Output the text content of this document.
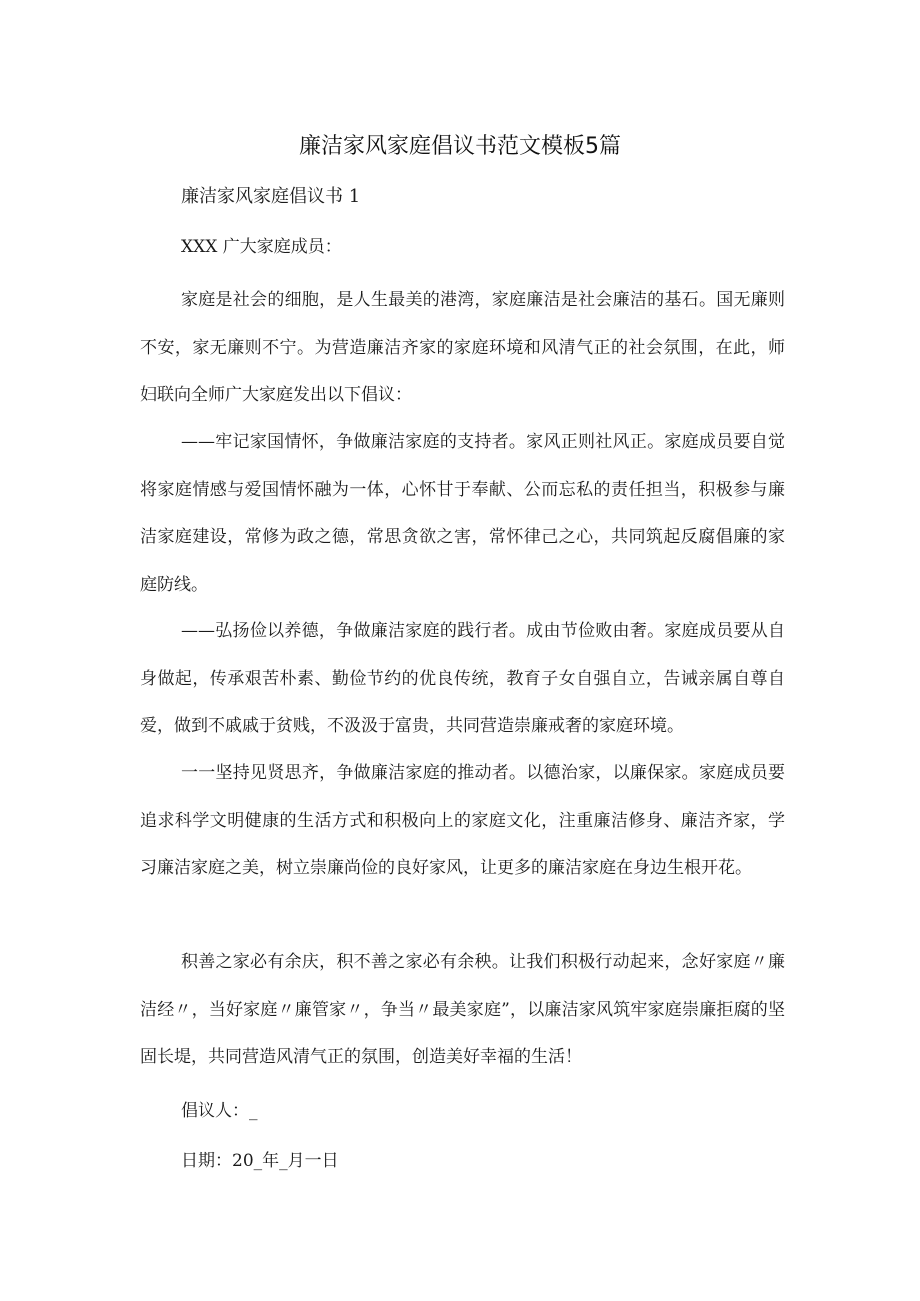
廉洁家风家庭倡议书范文模板5篇
廉洁家风家庭倡议书 1

XXX 广大家庭成员：

家庭是社会的细胞，是人生最美的港湾，家庭廉洁是社会廉洁的基石。国无廉则不安，家无廉则不宁。为营造廉洁齐家的家庭环境和风清气正的社会氛围，在此，师妇联向全师广大家庭发出以下倡议：

——牢记家国情怀，争做廉洁家庭的支持者。家风正则社风正。家庭成员要自觉将家庭情感与爱国情怀融为一体，心怀甘于奉献、公而忘私的责任担当，积极参与廉洁家庭建设，常修为政之德，常思贪欲之害，常怀律己之心，共同筑起反腐倡廉的家庭防线。

——弘扬俭以养德，争做廉洁家庭的践行者。成由节俭败由奢。家庭成员要从自身做起，传承艰苦朴素、勤俭节约的优良传统，教育子女自强自立，告诫亲属自尊自爱，做到不戚戚于贫贱，不汲汲于富贵，共同营造崇廉戒奢的家庭环境。

一一坚持见贤思齐，争做廉洁家庭的推动者。以德治家，以廉保家。家庭成员要追求科学文明健康的生活方式和积极向上的家庭文化，注重廉洁修身、廉洁齐家，学习廉洁家庭之美，树立崇廉尚俭的良好家风，让更多的廉洁家庭在身边生根开花。

积善之家必有余庆，积不善之家必有余秧。让我们积极行动起来，念好家庭〃廉洁经〃，当好家庭〃廉管家〃，争当〃最美家庭”，以廉洁家风筑牢家庭崇廉拒腐的坚固长堤，共同营造风清气正的氛围，创造美好幸福的生活！

倡议人：_

日期：20_年_月一日
